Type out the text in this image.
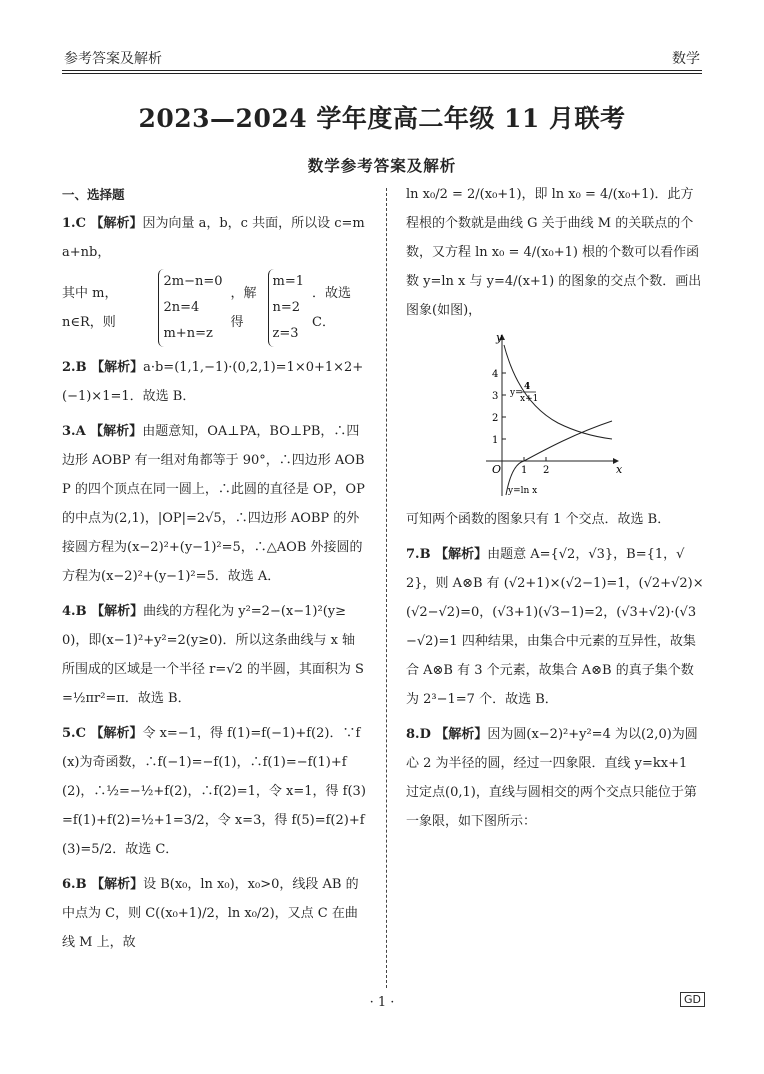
参考答案及解析	数学
2023—2024 学年度高二年级 11 月联考
数学参考答案及解析

一、选择题

1.C 【解析】因为向量 a，b，c 共面，所以设 c=ma+nb，

其中 m，n∈R，则
2m−n=0
2n=4
m+n=z
，解得
m=1
n=2
z=3
．故选 C．

2.B 【解析】a·b=(1,1,−1)·(0,2,1)=1×0+1×2+(−1)×1=1．故选 B．

3.A 【解析】由题意知，OA⊥PA，BO⊥PB，∴四边形 AOBP 有一组对角都等于 90°，∴四边形 AOBP 的四个顶点在同一圆上，∴此圆的直径是 OP，OP 的中点为(2,1)，|OP|=2√5，∴四边形 AOBP 的外接圆方程为(x−2)²+(y−1)²=5，∴△AOB 外接圆的方程为(x−2)²+(y−1)²=5．故选 A．

4.B 【解析】曲线的方程化为 y²=2−(x−1)²(y≥0)，即(x−1)²+y²=2(y≥0)．所以这条曲线与 x 轴所围成的区域是一个半径 r=√2 的半圆，其面积为 S=½πr²=π．故选 B．

5.C 【解析】令 x=−1，得 f(1)=f(−1)+f(2)．∵f(x)为奇函数，∴f(−1)=−f(1)，∴f(1)=−f(1)+f(2)，∴½=−½+f(2)，∴f(2)=1，令 x=1，得 f(3)=f(1)+f(2)=½+1=3/2，令 x=3，得 f(5)=f(2)+f(3)=5/2．故选 C．

6.B 【解析】设 B(x₀，ln x₀)，x₀>0，线段 AB 的中点为 C，则 C((x₀+1)/2，ln x₀/2)，又点 C 在曲线 M 上，故

ln x₀/2 = 2/(x₀+1)，即 ln x₀ = 4/(x₀+1)．此方程根的个数就是曲线 G 关于曲线 M 的关联点的个数，又方程 ln x₀ = 4/(x₀+1) 根的个数可以看作函数 y=ln x 与 y=4/(x+1) 的图象的交点个数．画出图象(如图)，

y
x
O
1
2
3
4
1 2
y=
4
x+1
y=ln x

可知两个函数的图象只有 1 个交点．故选 B．

7.B 【解析】由题意 A={√2，√3}，B={1，√2}，则 A⊗B 有 (√2+1)×(√2−1)=1，(√2+√2)×(√2−√2)=0，(√3+1)(√3−1)=2，(√3+√2)·(√3−√2)=1 四种结果，由集合中元素的互异性，故集合 A⊗B 有 3 个元素，故集合 A⊗B 的真子集个数为 2³−1=7 个．故选 B．

8.D 【解析】因为圆(x−2)²+y²=4 为以(2,0)为圆心 2 为半径的圆，经过一四象限．直线 y=kx+1 过定点(0,1)，直线与圆相交的两个交点只能位于第一象限，如下图所示：

· 1 ·	GD
